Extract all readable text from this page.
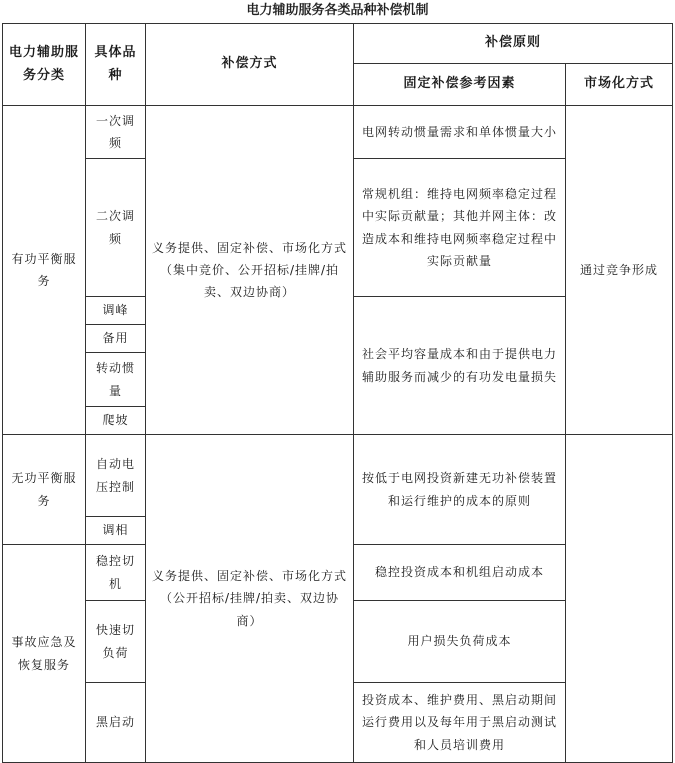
电力辅助服务各类品种补偿机制
电力辅助服务分类	具体品种	补偿方式	补偿原则	
			固定补偿参考因素	市场化方式
有功平衡服务	一次调频	义务提供、固定补偿、市场化方式（集中竞价、公开招标/挂牌/拍卖、双边协商）	电网转动惯量需求和单体惯量大小	通过竞争形成
	二次调频		常规机组：维持电网频率稳定过程中实际贡献量；其他并网主体：改造成本和维持电网频率稳定过程中实际贡献量	

	调峰		社会平均容量成本和由于提供电力辅助服务而减少的有功发电量损失	
	备用			
	转动惯量			
	爬坡			
无功平衡服务	自动电压控制	义务提供、固定补偿、市场化方式（公开招标/挂牌/拍卖、双边协商）	按低于电网投资新建无功补偿装置和运行维护的成本的原则	
	调相			
事故应急及恢复服务	稳控切机		稳控投资成本和机组启动成本	
	快速切负荷		用户损失负荷成本	
	黑启动		投资成本、维护费用、黑启动期间运行费用以及每年用于黑启动测试和人员培训费用	
